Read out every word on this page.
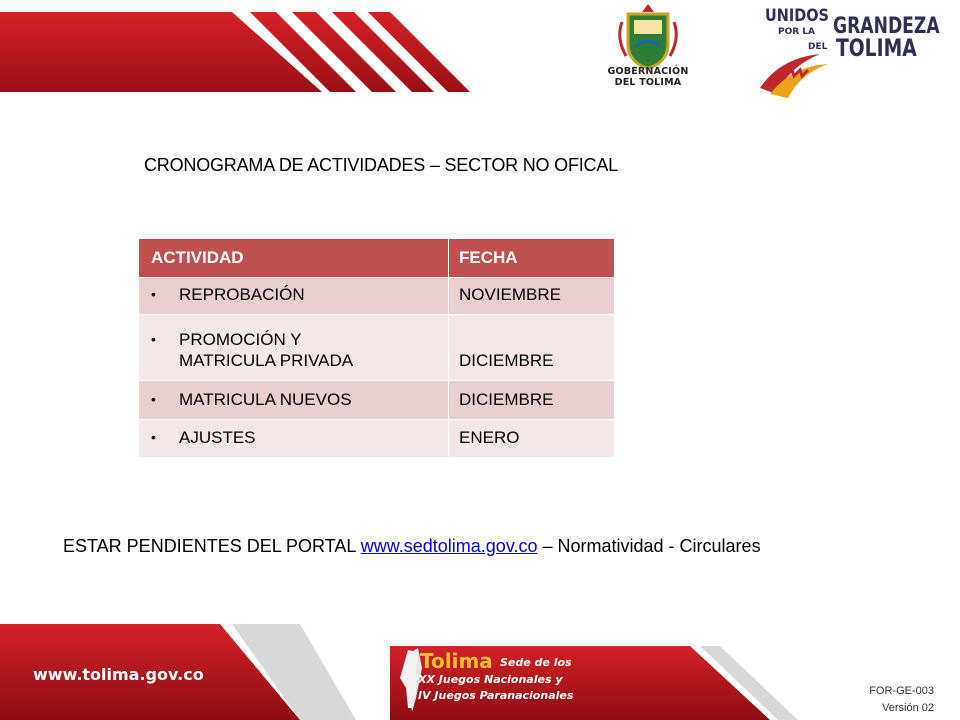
GOBERNACIÓN
DEL TOLIMA
UNIDOS
POR LA GRANDEZA
DEL TOLIMA
CRONOGRAMA DE ACTIVIDADES – SECTOR NO OFICAL
ACTIVIDAD	FECHA

• REPROBACIÓN	NOVIEMBRE

• PROMOCIÓN Y
MATRICULA PRIVADA	DICIEMBRE

• MATRICULA NUEVOS	DICIEMBRE

• AJUSTES	ENERO
ESTAR PENDIENTES DEL PORTAL www.sedtolima.gov.co – Normatividad - Circulares
www.tolima.gov.co
Tolima Sede de los
XX Juegos Nacionales y
IV Juegos Paranacionales	FOR-GE-003
Versión 02
